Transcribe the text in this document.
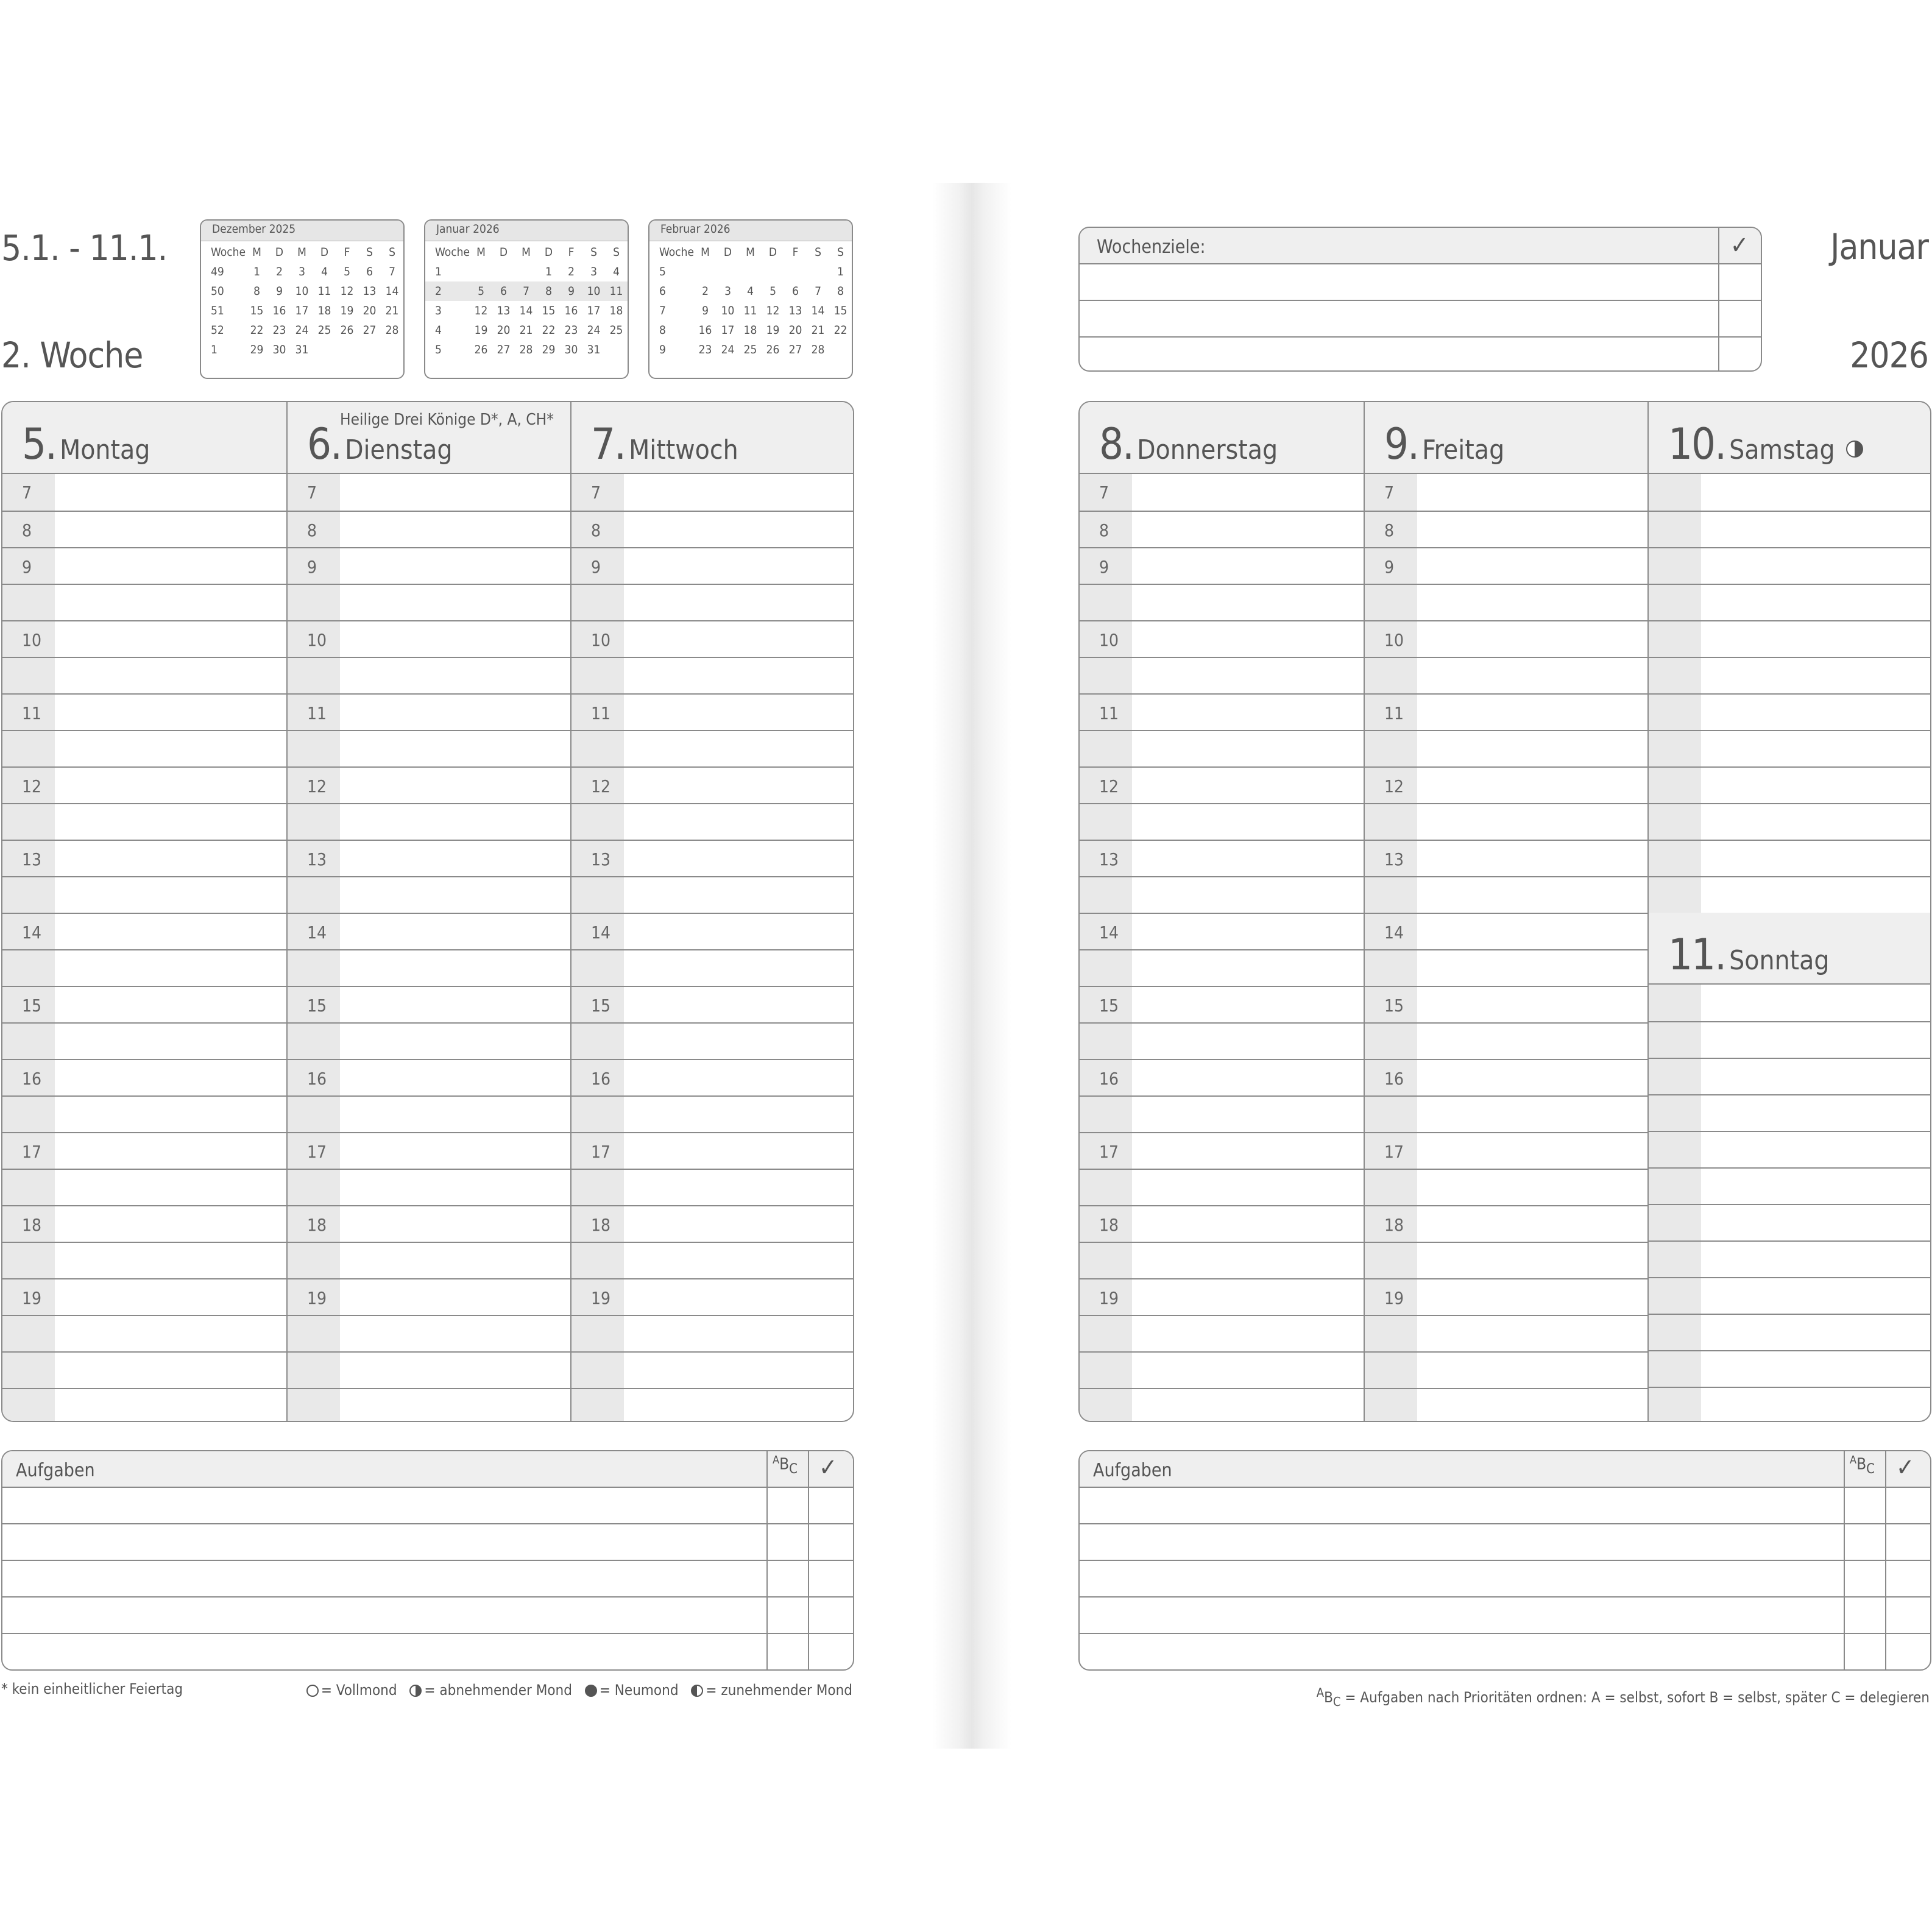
5.1. - 11.1.
2. Woche
Dezember 2025
Woche	M	D	M	D	F	S	S
49	1	2	3	4	5	6	7
50	8	9	10	11	12	13	14
51	15	16	17	18	19	20	21
52	22	23	24	25	26	27	28
1	29	30	31				
Januar 2026
Woche	M	D	M	D	F	S	S
1				1	2	3	4
2	5	6	7	8	9	10	11
3	12	13	14	15	16	17	18
4	19	20	21	22	23	24	25
5	26	27	28	29	30	31	
Februar 2026
Woche	M	D	M	D	F	S	S
5							1
6	2	3	4	5	6	7	8
7	9	10	11	12	13	14	15
8	16	17	18	19	20	21	22
9	23	24	25	26	27	28	
Januar
2026
Wochenziele:	✓
5. Montag
7
8
9
10
11
12
13
14
15
16
17
18
19
6. Dienstag
Heilige Drei Könige D*, A, CH*
7
8
9
10
11
12
13
14
15
16
17
18
19
7. Mittwoch
7
8
9
10
11
12
13
14
15
16
17
18
19
8. Donnerstag
7
8
9
10
11
12
13
14
15
16
17
18
19
9. Freitag
7
8
9
10
11
12
13
14
15
16
17
18
19
10. Samstag
11. Sonntag
Aufgaben	$^AB_C$ ✓	Aufgaben	$^AB_C$ ✓
* kein einheitlicher Feiertag	= Vollmond = abnehmender Mond = Neumond = zunehmender Mond	$^AB_C$ = Aufgaben nach Prioritäten ordnen: A = selbst, sofort B = selbst, später C = delegieren
